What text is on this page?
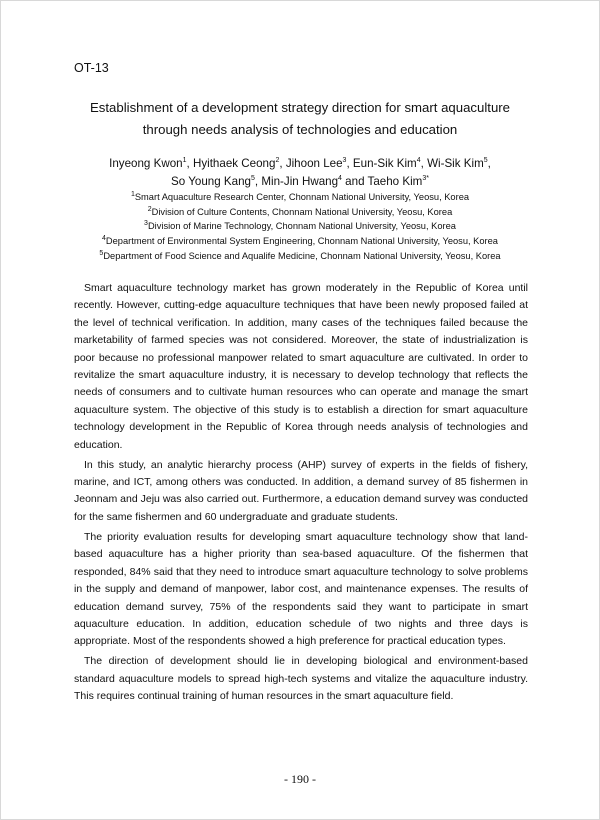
OT-13
Establishment of a development strategy direction for smart aquaculture
through needs analysis of technologies and education
Inyeong Kwon$^1$, Hyithaek Ceong$^2$, Jihoon Lee$^3$, Eun-Sik Kim$^4$, Wi-Sik Kim$^5$,
So Young Kang$^5$, Min-Jin Hwang$^4$ and Taeho Kim$^{3*}$
$^1$Smart Aquaculture Research Center, Chonnam National University, Yeosu, Korea
$^2$Division of Culture Contents, Chonnam National University, Yeosu, Korea
$^3$Division of Marine Technology, Chonnam National University, Yeosu, Korea
$^4$Department of Environmental System Engineering, Chonnam National University, Yeosu, Korea
$^5$Department of Food Science and Aqualife Medicine, Chonnam National University, Yeosu, Korea

Smart aquaculture technology market has grown moderately in the Republic of Korea until recently. However, cutting-edge aquaculture techniques that have been newly proposed failed at the level of technical verification. In addition, many cases of the techniques failed because the marketability of farmed species was not considered. Moreover, the state of industrialization is poor because no professional manpower related to smart aquaculture are cultivated. In order to revitalize the smart aquaculture industry, it is necessary to develop technology that reflects the needs of consumers and to cultivate human resources who can operate and manage the smart aquaculture system. The objective of this study is to establish a direction for smart aquaculture technology development in the Republic of Korea through needs analysis of technologies and education.

In this study, an analytic hierarchy process (AHP) survey of experts in the fields of fishery, marine, and ICT, among others was conducted. In addition, a demand survey of 85 fishermen in Jeonnam and Jeju was also carried out. Furthermore, a education demand survey was conducted for the same fishermen and 60 undergraduate and graduate students.

The priority evaluation results for developing smart aquaculture technology show that land-based aquaculture has a higher priority than sea-based aquaculture. Of the fishermen that responded, 84% said that they need to introduce smart aquaculture technology to solve problems in the supply and demand of manpower, labor cost, and maintenance expenses. The results of education demand survey, 75% of the respondents said they want to participate in smart aquaculture education. In addition, education schedule of two nights and three days is appropriate. Most of the respondents showed a high preference for practical education types.

The direction of development should lie in developing biological and environment-based standard aquaculture models to spread high-tech systems and vitalize the aquaculture industry. This requires continual training of human resources in the smart aquaculture field.

- 190 -
